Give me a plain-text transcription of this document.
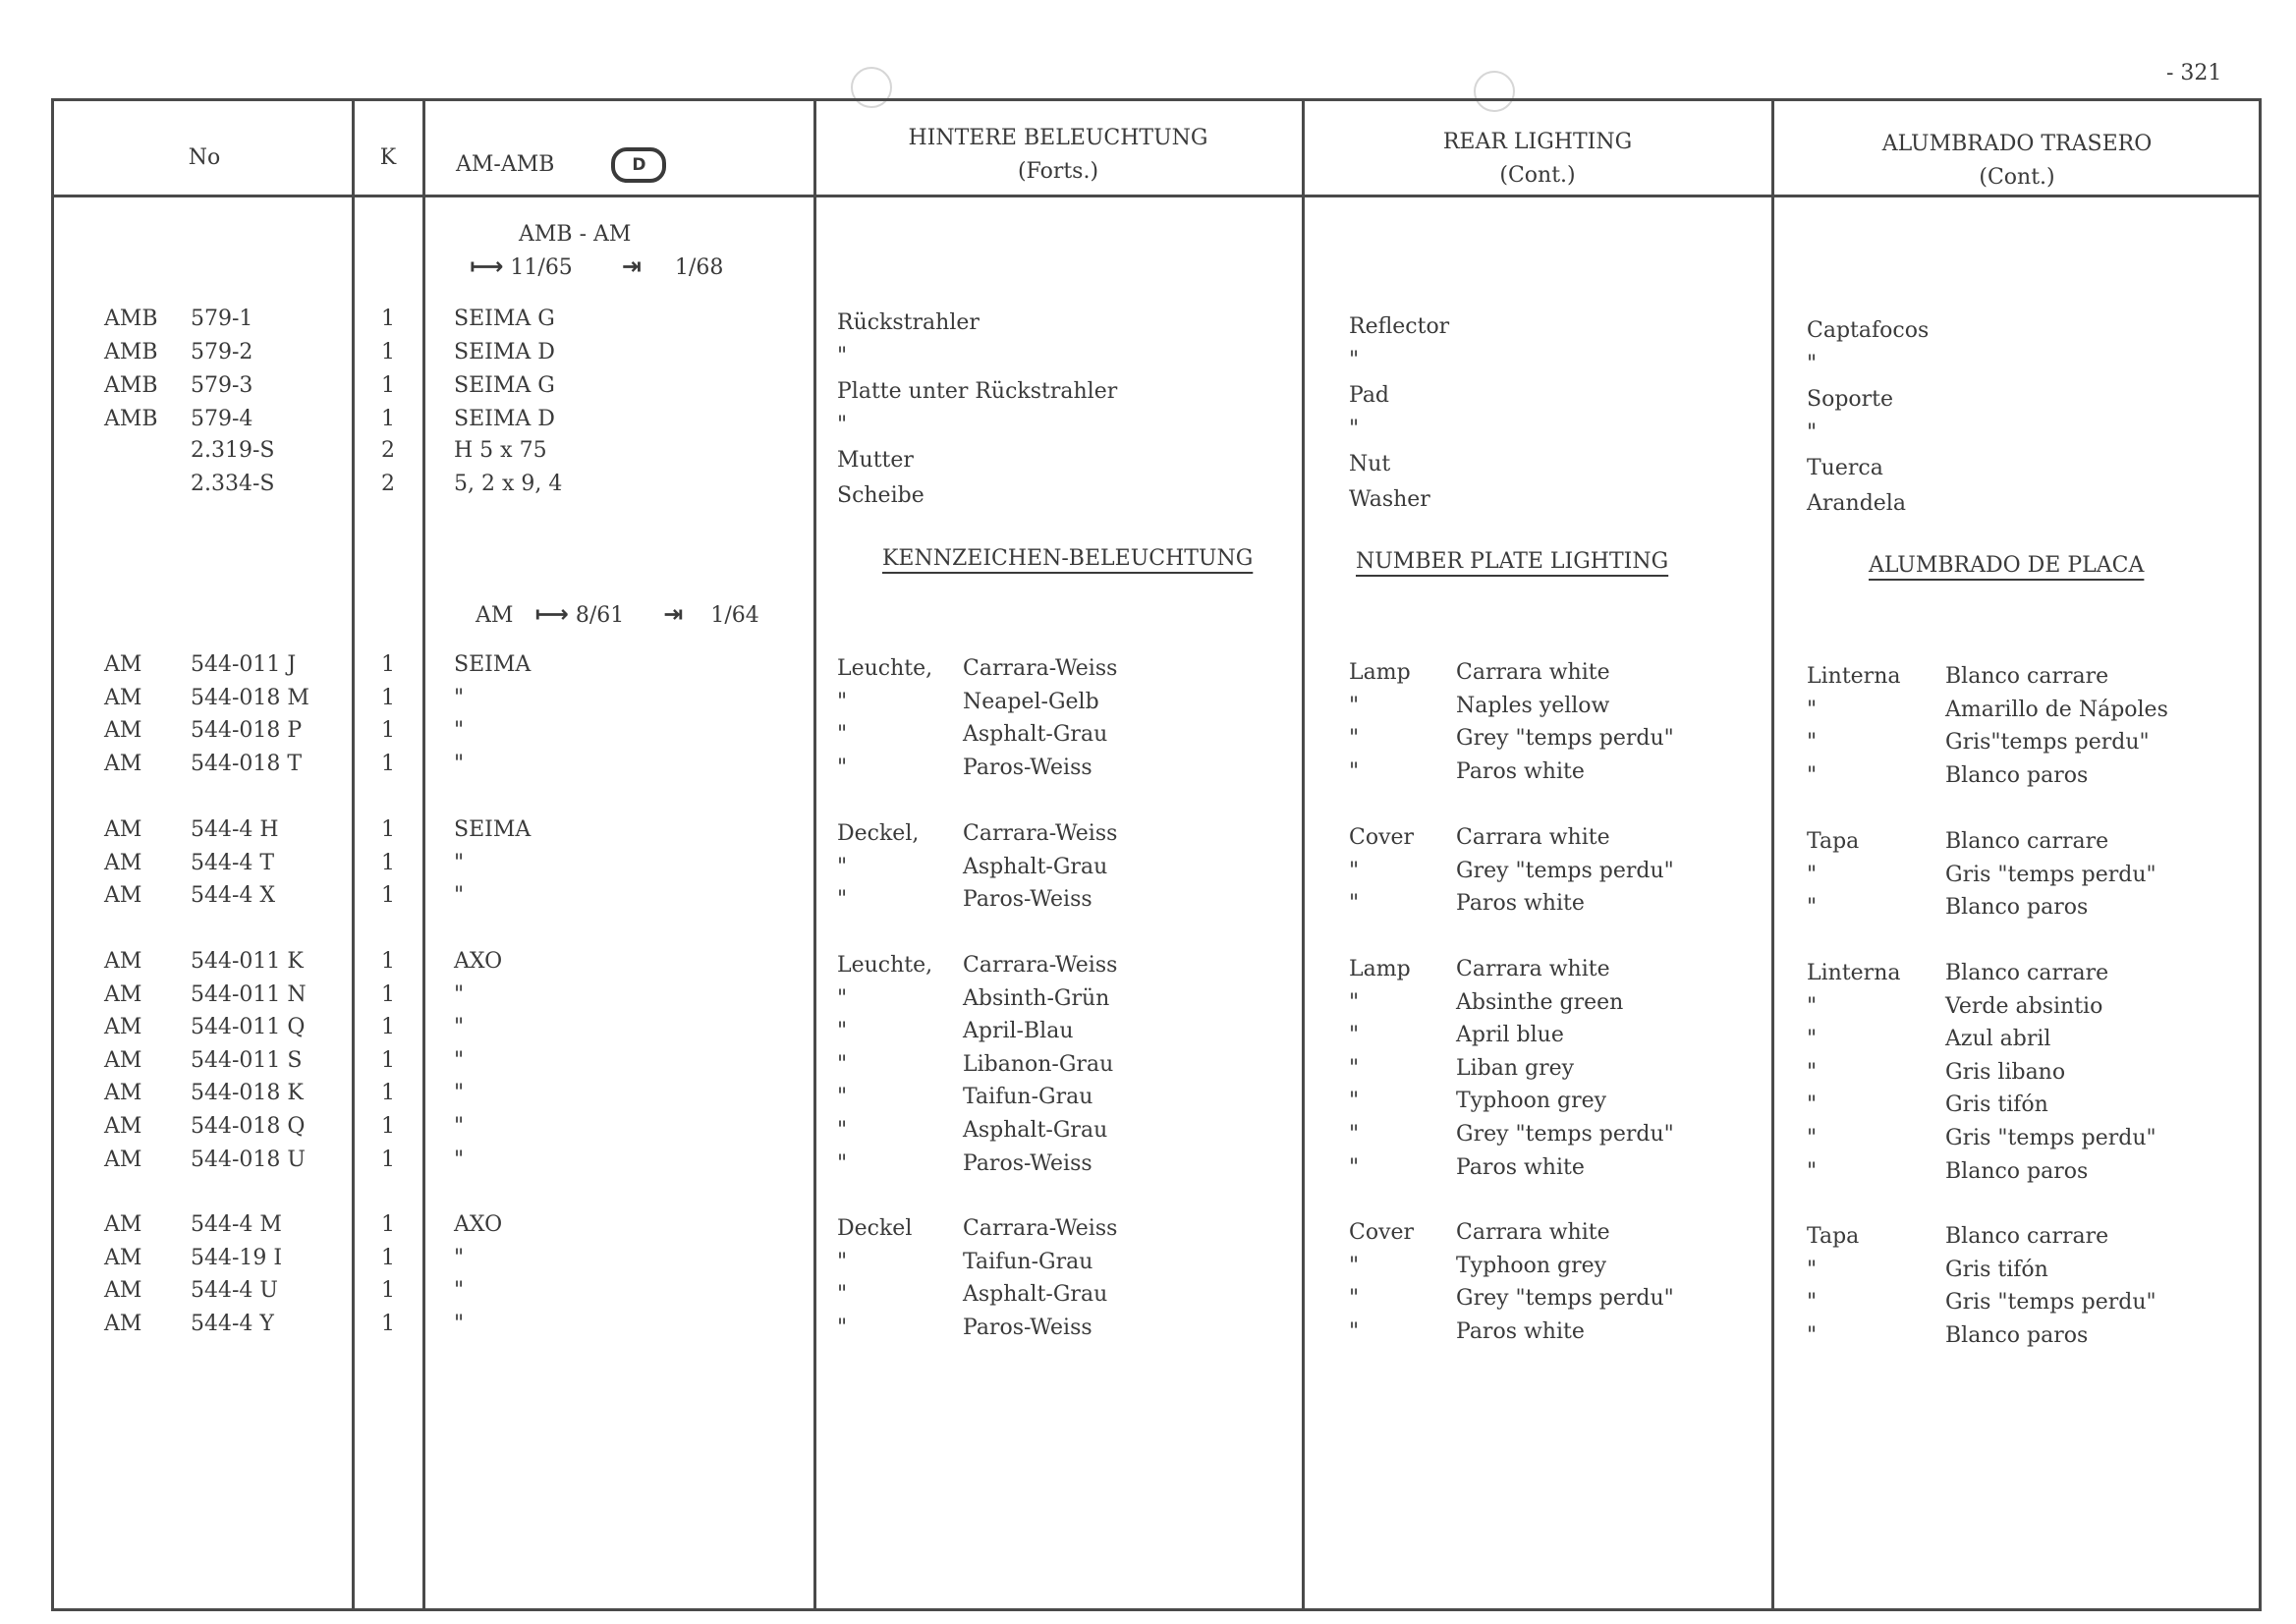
- 321
No	K	AM-AMB	D
HINTERE BELEUCHTUNG
(Forts.)
REAR LIGHTING
(Cont.)
ALUMBRADO TRASERO
(Cont.)
AMB - AM
⟼ 11/65 ⇥ 1/68
AMB 579-1	1	SEIMA G	Rückstrahler	Reflector	Captafocos
AMB 579-2	1	SEIMA D	"	"	"
AMB 579-3	1	SEIMA G	Platte unter Rückstrahler	Pad	Soporte
AMB 579-4	1	SEIMA D	"	"	"
2.319-S	2	H 5 x 75	Mutter	Nut	Tuerca
2.334-S	2	5, 2 x 9, 4	Scheibe	Washer	Arandela
KENNZEICHEN-BELEUCHTUNG	NUMBER PLATE LIGHTING	ALUMBRADO DE PLACA
AM ⟼ 8/61 ⇥ 1/64
AM 544-011 J	1	SEIMA	Leuchte, Carrara-Weiss	Lamp Carrara white	Linterna Blanco carrare
AM 544-018 M	1	"	"	Neapel-Gelb	"	Naples yellow	"	Amarillo de Nápoles
AM 544-018 P	1	"	"	Asphalt-Grau	"	Grey "temps perdu"	"	Gris"temps perdu"
AM 544-018 T	1	"	"	Paros-Weiss	"	Paros white	"	Blanco paros
AM 544-4 H	1	SEIMA	Deckel, Carrara-Weiss	Cover Carrara white	Tapa	Blanco carrare
AM 544-4 T	1	"	"	Asphalt-Grau	"	Grey "temps perdu"	"	Gris "temps perdu"
AM 544-4 X	1	"	"	Paros-Weiss	"	Paros white	"	Blanco paros
AM 544-011 K	1	AXO	Leuchte, Carrara-Weiss	Lamp Carrara white	Linterna Blanco carrare
AM 544-011 N	1	"	"	Absinth-Grün	"	Absinthe green	"	Verde absintio
AM 544-011 Q	1	"	"	April-Blau	"	April blue	"	Azul abril
AM 544-011 S	1	"	"	Libanon-Grau	"	Liban grey	"	Gris libano
AM 544-018 K	1	"	"	Taifun-Grau	"	Typhoon grey	"	Gris tifón
AM 544-018 Q	1	"	"	Asphalt-Grau	"	Grey "temps perdu"	"	Gris "temps perdu"
AM 544-018 U	1	"	"	Paros-Weiss	"	Paros white	"	Blanco paros
AM 544-4 M	1	AXO	Deckel Carrara-Weiss	Cover Carrara white	Tapa	Blanco carrare
AM 544-19 I	1	"	"	Taifun-Grau	"	Typhoon grey	"	Gris tifón
AM 544-4 U	1	"	"	Asphalt-Grau	"	Grey "temps perdu"	"	Gris "temps perdu"
AM 544-4 Y	1	"	"	Paros-Weiss	"	Paros white	"	Blanco paros
